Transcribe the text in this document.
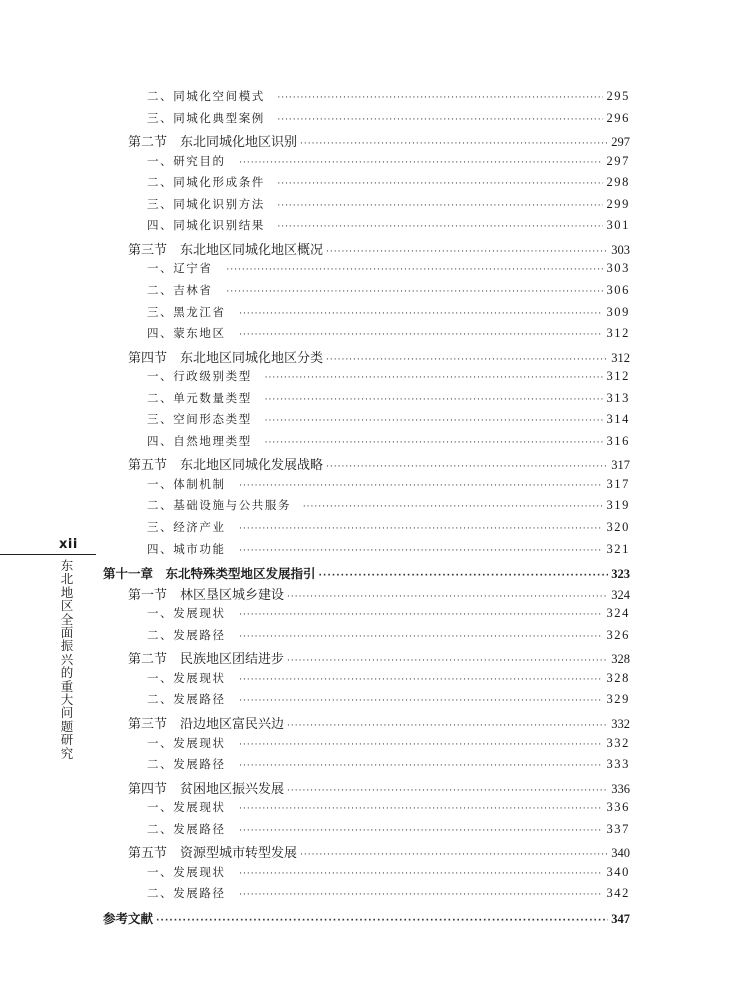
xii
东北地区全面振兴的重大问题研究
二、同城化空间模式 ·····	295
三、同城化典型案例 ·····	296
第二节　东北同城化地区识别 ·····	297
一、研究目的 ·····	297
二、同城化形成条件 ·····	298
三、同城化识别方法 ·····	299
四、同城化识别结果 ·····	301
第三节　东北地区同城化地区概况 ·····	303
一、辽宁省 ·····	303
二、吉林省 ·····	306
三、黑龙江省 ·····	309
四、蒙东地区 ·····	312
第四节　东北地区同城化地区分类 ·····	312
一、行政级别类型 ·····	312
二、单元数量类型 ·····	313
三、空间形态类型 ·····	314
四、自然地理类型 ·····	316
第五节　东北地区同城化发展战略 ·····	317
一、体制机制 ·····	317
二、基础设施与公共服务 ·····	319
三、经济产业 ·····	320
四、城市功能 ·····	321
第十一章　东北特殊类型地区发展指引 ·····	323
第一节　林区垦区城乡建设 ·····	324
一、发展现状 ·····	324
二、发展路径 ·····	326
第二节　民族地区团结进步 ·····	328
一、发展现状 ·····	328
二、发展路径 ·····	329
第三节　沿边地区富民兴边 ·····	332
一、发展现状 ·····	332
二、发展路径 ·····	333
第四节　贫困地区振兴发展 ·····	336
一、发展现状 ·····	336
二、发展路径 ·····	337
第五节　资源型城市转型发展 ·····	340
一、发展现状 ·····	340
二、发展路径 ·····	342
参考文献 ·····	347
